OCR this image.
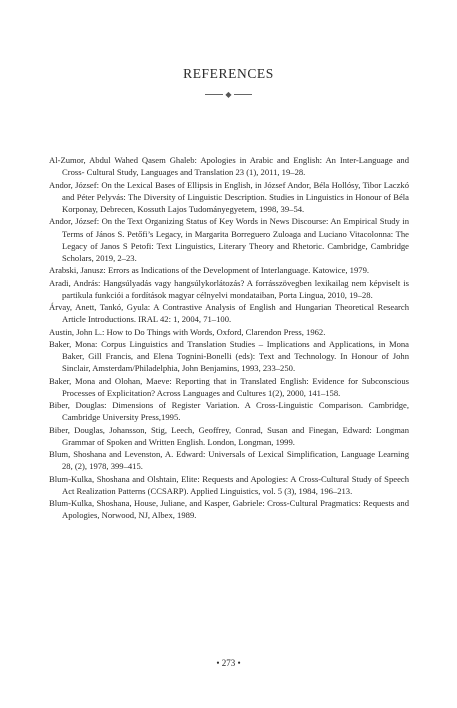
REFERENCES
◆

Al-Zumor, Abdul Wahed Qasem Ghaleb: Apologies in Arabic and English: An Inter-Language and Cross- Cultural Study, Languages and Translation 23 (1), 2011, 19–28.

Andor, József: On the Lexical Bases of Ellipsis in English, in József Andor, Béla Hollósy, Tibor Laczkó and Péter Pelyvás: The Diversity of Linguistic Description. Studies in Linguistics in Honour of Béla Korponay, Debrecen, Kossuth Lajos Tudományegyetem, 1998, 39–54.

Andor, József: On the Text Organizing Status of Key Words in News Discourse: An Empirical Study in Terms of János S. Petőfi’s Legacy, in Margarita Borreguero Zuloaga and Luciano Vitacolonna: The Legacy of Janos S Petofi: Text Linguistics, Literary Theory and Rhetoric. Cambridge, Cambridge Scholars, 2019, 2–23.

Arabski, Janusz: Errors as Indications of the Development of Interlanguage. Katowice, 1979.

Aradi, András: Hangsúlyadás vagy hangsúlykorlátozás? A forrásszövegben lexikailag nem képviselt is partikula funkciói a fordítások magyar célnyelvi mondataiban, Porta Lingua, 2010, 19–28.

Árvay, Anett, Tankó, Gyula: A Contrastive Analysis of English and Hungarian Theoretical Research Article Introductions. IRAL 42: 1, 2004, 71–100.

Austin, John L.: How to Do Things with Words, Oxford, Clarendon Press, 1962.

Baker, Mona: Corpus Linguistics and Translation Studies – Implications and Applications, in Mona Baker, Gill Francis, and Elena Tognini-Bonelli (eds): Text and Technology. In Honour of John Sinclair, Amsterdam/Philadelphia, John Benjamins, 1993, 233–250.

Baker, Mona and Olohan, Maeve: Reporting that in Translated English: Evidence for Subconscious Processes of Explicitation? Across Languages and Cultures 1(2), 2000, 141–158.

Biber, Douglas: Dimensions of Register Variation. A Cross-Linguistic Comparison. Cambridge, Cambridge University Press,1995.

Biber, Douglas, Johansson, Stig, Leech, Geoffrey, Conrad, Susan and Finegan, Edward: Longman Grammar of Spoken and Written English. London, Longman, 1999.

Blum, Shoshana and Levenston, A. Edward: Universals of Lexical Simplification, Language Learning 28, (2), 1978, 399–415.

Blum-Kulka, Shoshana and Olshtain, Elite: Requests and Apologies: A Cross-Cultural Study of Speech Act Realization Patterns (CCSARP). Applied Linguistics, vol. 5 (3), 1984, 196–213.

Blum-Kulka, Shoshana, House, Juliane, and Kasper, Gabriele: Cross-Cultural Pragmatics: Requests and Apologies, Norwood, NJ, Albex, 1989.

• 273 •
